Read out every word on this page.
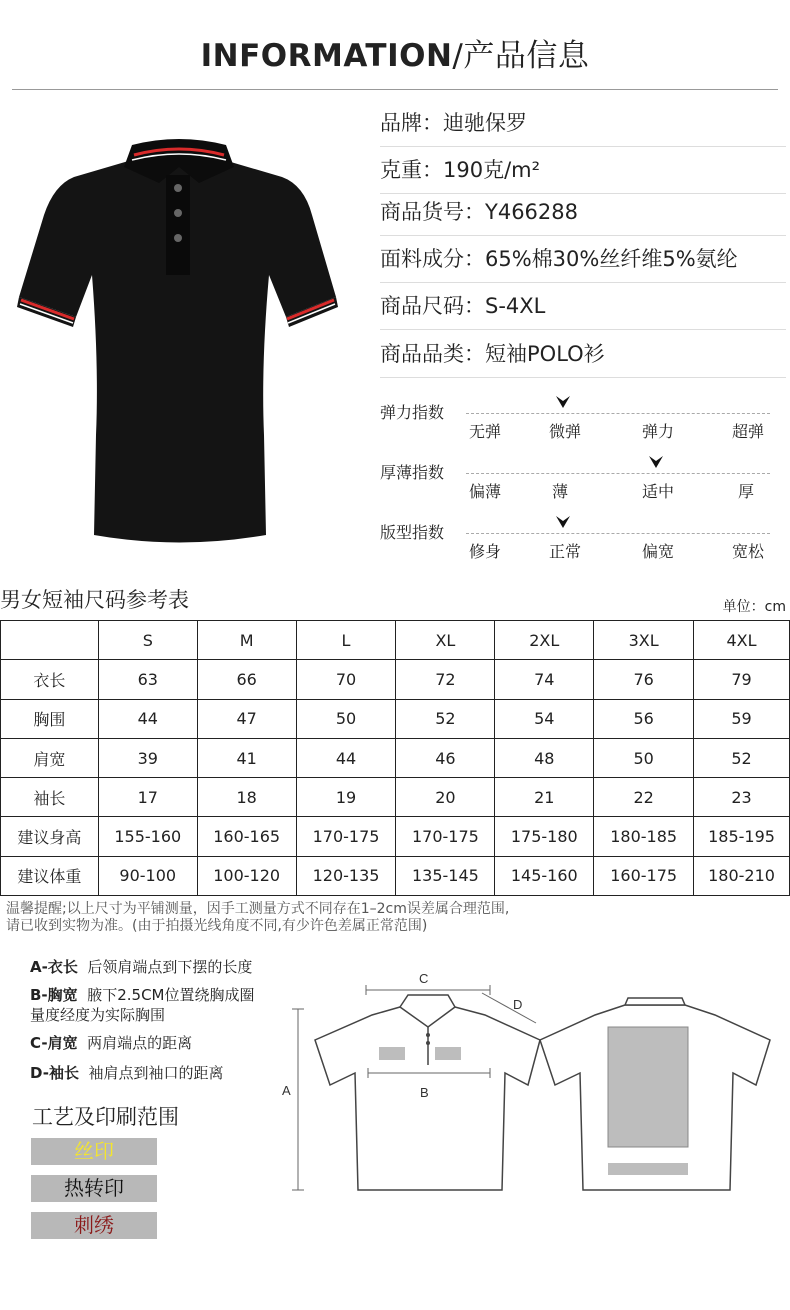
INFORMATION/产品信息
品牌：迪驰保罗
克重：190克/m²
商品货号：Y466288
面料成分：65%棉30%丝纤维5%氨纶
商品尺码：S-4XL
商品品类：短袖POLO衫
弹力指数
无弹	微弹	弹力	超弹
厚薄指数
偏薄	薄	适中	厚
版型指数
修身	正常	偏宽	宽松
男女短袖尺码参考表	单位：cm
	S	M	L	XL	2XL	3XL	4XL
衣长	63	66	70	72	74	76	79
胸围	44	47	50	52	54	56	59
肩宽	39	41	44	46	48	50	52
袖长	17	18	19	20	21	22	23
建议身高	155-160	160-165	170-175	170-175	175-180	180-185	185-195
建议体重	90-100	100-120	120-135	135-145	145-160	160-175	180-210
温馨提醒;以上尺寸为平铺测量，因手工测量方式不同存在1–2cm误差属合理范围,
请已收到实物为准。(由于拍摄光线角度不同,有少许色差属正常范围)
A-衣长 后领肩端点到下摆的长度
B-胸宽 腋下2.5CM位置绕胸成圈
量度经度为实际胸围
C-肩宽 两肩端点的距离
D-袖长 袖肩点到袖口的距离
工艺及印刷范围
丝印
热转印
刺绣
A
C
B
D
